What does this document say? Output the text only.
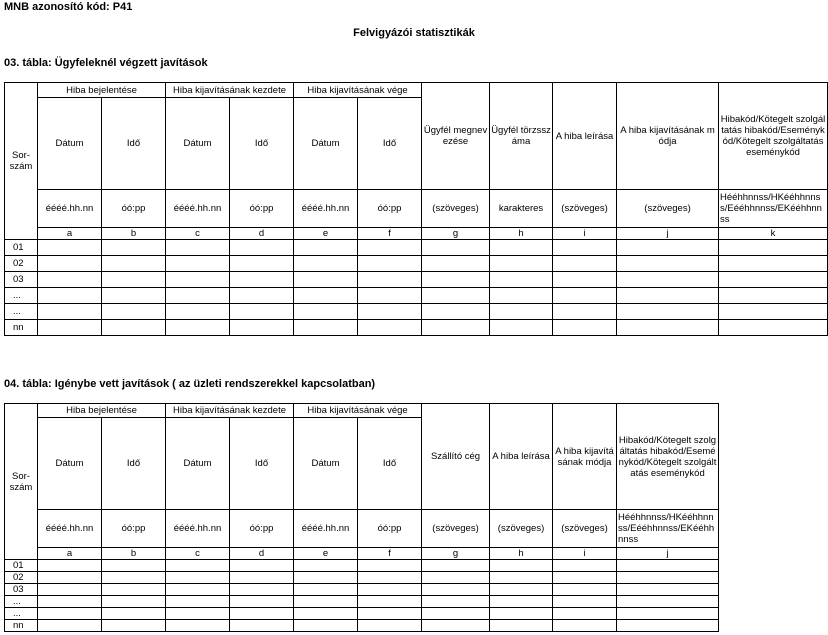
MNB azonosító kód: P41
Felvigyázói statisztikák
03. tábla: Ügyfeleknél végzett javítások
04. tábla: Igénybe vett javítások ( az üzleti rendszerekkel kapcsolatban)
Sor-
szám	Hiba bejelentése		Hiba kijavításának kezdete		Hiba kijavításának vége		Ügyfél megnevezése	Ügyfél törzsszáma	A hiba leírása	A hiba kijavításának módja	Hibakód/Kötegelt szolgáltatás hibakód/Eseménykód/Kötegelt szolgáltatás eseménykód
	Dátum	Idő	Dátum	Idő	Dátum	Idő					
	éééé.hh.nn	óó:pp	éééé.hh.nn	óó:pp	éééé.hh.nn	óó:pp	(szöveges)	karakteres	(szöveges)	(szöveges)	Hééhhnnss/HKééhhnnss/Eééhhnnss/EKééhhnnss
	a	b	c	d	e	f	g	h	i	j	k
01											
02											
03											
...											
...											
nn											
Sor-
szám	Hiba bejelentése		Hiba kijavításának kezdete		Hiba kijavításának vége		Szállító cég	A hiba leírása	A hiba kijavításának módja	Hibakód/Kötegelt szolgáltatás hibakód/Eseménykód/Kötegelt szolgáltatás eseménykód
	Dátum	Idő	Dátum	Idő	Dátum	Idő				
	éééé.hh.nn	óó:pp	éééé.hh.nn	óó:pp	éééé.hh.nn	óó:pp	(szöveges)	(szöveges)	(szöveges)	Hééhhnnss/HKééhhnnss/Eééhhnnss/EKééhhnnss
	a	b	c	d	e	f	g	h	i	j
01										
02										
03										
...										
...										
nn										
